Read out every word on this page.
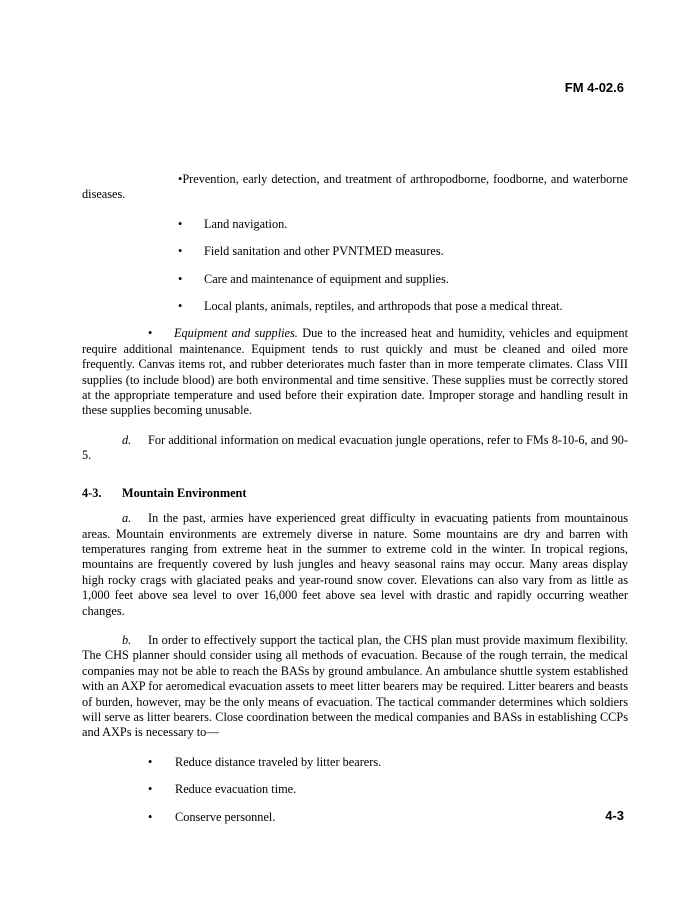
FM 4-02.6

•Prevention, early detection, and treatment of arthropodborne, foodborne, and waterborne diseases.

• Land navigation.

• Field sanitation and other PVNTMED measures.

• Care and maintenance of equipment and supplies.

• Local plants, animals, reptiles, and arthropods that pose a medical threat.

• Equipment and supplies. Due to the increased heat and humidity, vehicles and equipment require additional maintenance. Equipment tends to rust quickly and must be cleaned and oiled more frequently. Canvas items rot, and rubber deteriorates much faster than in more temperate climates. Class VIII supplies (to include blood) are both environmental and time sensitive. These supplies must be correctly stored at the appropriate temperature and used before their expiration date. Improper storage and handling result in these supplies becoming unusable.

d. For additional information on medical evacuation jungle operations, refer to FMs 8-10-6, and 90-5.

4-3. Mountain Environment

a. In the past, armies have experienced great difficulty in evacuating patients from mountainous areas. Mountain environments are extremely diverse in nature. Some mountains are dry and barren with temperatures ranging from extreme heat in the summer to extreme cold in the winter. In tropical regions, mountains are frequently covered by lush jungles and heavy seasonal rains may occur. Many areas display high rocky crags with glaciated peaks and year-round snow cover. Elevations can also vary from as little as 1,000 feet above sea level to over 16,000 feet above sea level with drastic and rapidly occurring weather changes.

b. In order to effectively support the tactical plan, the CHS plan must provide maximum flexibility. The CHS planner should consider using all methods of evacuation. Because of the rough terrain, the medical companies may not be able to reach the BASs by ground ambulance. An ambulance shuttle system established with an AXP for aeromedical evacuation assets to meet litter bearers may be required. Litter bearers and beasts of burden, however, may be the only means of evacuation. The tactical commander determines which soldiers will serve as litter bearers. Close coordination between the medical companies and BASs in establishing CCPs and AXPs is necessary to—

• Reduce distance traveled by litter bearers.

• Reduce evacuation time.

• Conserve personnel.	4-3
